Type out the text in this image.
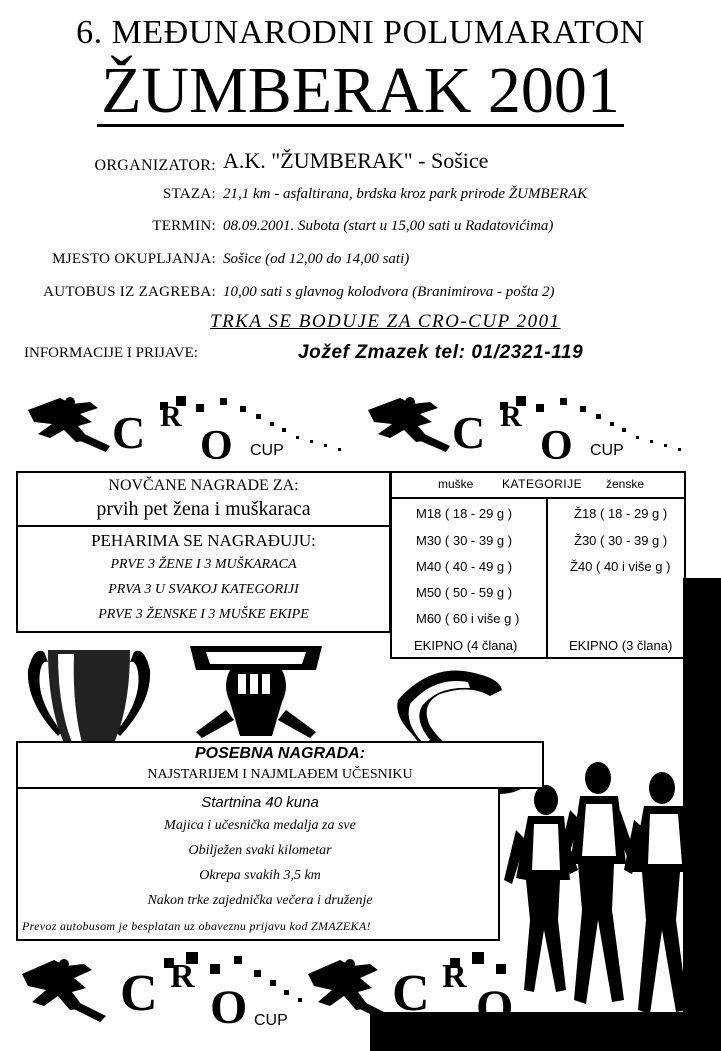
6. MEĐUNARODNI POLUMARATON
ŽUMBERAK 2001
ORGANIZATOR: A.K. "ŽUMBERAK" - Sošice
STAZA: 21,1 km - asfaltirana, brdska kroz park prirode ŽUMBERAK
TERMIN: 08.09.2001. Subota (start u 15,00 sati u Radatovićima)
MJESTO OKUPLJANJA: Sošice (od 12,00 do 14,00 sati)
AUTOBUS IZ ZAGREBA: 10,00 sati s glavnog kolodvora (Branimirova - pošta 2)
TRKA SE BODUJE ZA CRO-CUP 2001
INFORMACIJE I PRIJAVE:	Jožef Zmazek tel: 01/2321-119
C R
O CUP	C R
O CUP
NOVČANE NAGRADE ZA:
prvih pet žena i muškaraca
PEHARIMA SE NAGRAĐUJU:
PRVE 3 ŽENE I 3 MUŠKARACA
PRVA 3 U SVAKOJ KATEGORIJI
PRVE 3 ŽENSKE I 3 MUŠKE EKIPE
muške KATEGORIJE ženske
M18 ( 18 - 29 g )
M30 ( 30 - 39 g )
M40 ( 40 - 49 g )
M50 ( 50 - 59 g )
M60 ( 60 i više g )
EKIPNO (4 člana)
Ž18 ( 18 - 29 g )
Ž30 ( 30 - 39 g )
Ž40 ( 40 i više g )
EKIPNO (3 člana)
POSEBNA NAGRADA:
NAJSTARIJEM I NAJMLAĐEM UČESNIKU
Startnina 40 kuna
Majica i učesnička medalja za sve
Obilježen svaki kilometar
Okrepa svakih 3,5 km
Nakon trke zajednička večera i druženje
Prevoz autobusom je besplatan uz obaveznu prijavu kod ZMAZEKA!
C R
O CUP C R
O
